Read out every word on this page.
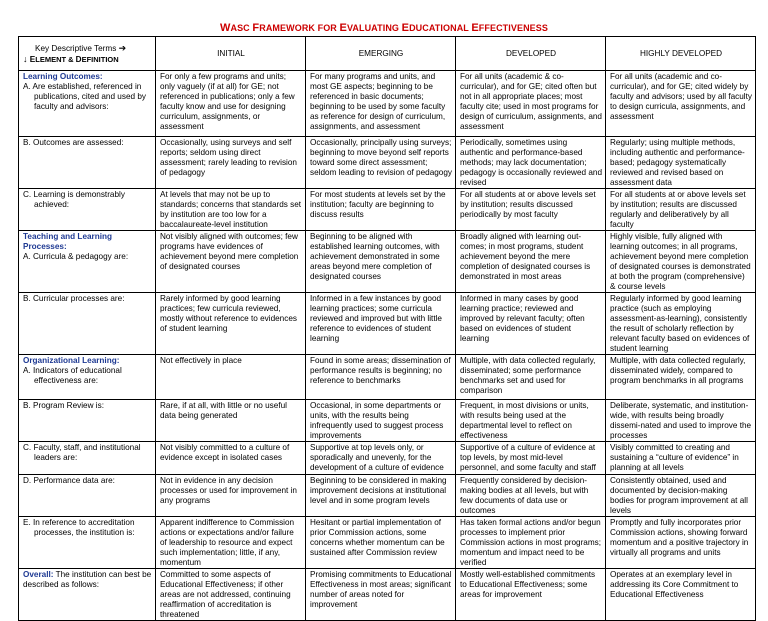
WASC FRAMEWORK FOR EVALUATING EDUCATIONAL EFFECTIVENESS
Key Descriptive Terms ➔
↓ ELEMENT & DEFINITION	INITIAL	EMERGING	DEVELOPED	HIGHLY DEVELOPED

Learning Outcomes:
A. Are established, referenced in publications, cited and used by faculty and advisors:	For only a few programs and units; only vaguely (if at all) for GE; not referenced in publications; only a few faculty know and use for designing curriculum, assignments, or assessment	For many programs and units, and most GE aspects; beginning to be referenced in basic documents; beginning to be used by some faculty as reference for design of curriculum, assignments, and assessment	For all units (academic & co-curricular), and for GE; cited often but not in all appropriate places; most faculty cite; used in most programs for design of curriculum, assignments, and assessment	For all units (academic and co-curricular), and for GE; cited widely by faculty and advisors; used by all faculty to design curricula, assignments, and assessment

B. Outcomes are assessed:	Occasionally, using surveys and self reports; seldom using direct assessment; rarely leading to revision of pedagogy	Occasionally, principally using surveys; beginning to move beyond self reports toward some direct assessment; seldom leading to revision of pedagogy	Periodically, sometimes using authentic and performance-based methods; may lack documentation; pedagogy is occasionally reviewed and revised	Regularly; using multiple methods, including authentic and performance-based; pedagogy systematically reviewed and revised based on assessment data

C. Learning is demonstrably achieved:	At levels that may not be up to standards; concerns that standards set by institution are too low for a baccalaureate-level institution	For most students at levels set by the institution; faculty are beginning to discuss results	For all students at or above levels set by institution; results discussed periodically by most faculty	For all students at or above levels set by institution; results are discussed regularly and deliberatively by all faculty

Teaching and Learning Processes:
A. Curricula & pedagogy are:	Not visibly aligned with outcomes; few programs have evidences of achievement beyond mere completion of designated courses	Beginning to be aligned with established learning outcomes, with achievement demonstrated in some areas beyond mere completion of designated courses	Broadly aligned with learning out-comes; in most programs, student achievement beyond the mere completion of designated courses is demonstrated in most areas	Highly visible, fully aligned with learning outcomes; in all programs, achievement beyond mere completion of designated courses is demonstrated at both the program (comprehensive) & course levels

B. Curricular processes are:	Rarely informed by good learning practices; few curricula reviewed, mostly without reference to evidences of student learning	Informed in a few instances by good learning practices; some curricula reviewed and improved but with little reference to evidences of student learning	Informed in many cases by good learning practice; reviewed and improved by relevant faculty; often based on evidences of student learning	Regularly informed by good learning practice (such as employing assessment-as-learning), consistently the result of scholarly reflection by relevant faculty based on evidences of student learning

Organizational Learning:
A. Indicators of educational effectiveness are:	Not effectively in place	Found in some areas; dissemination of performance results is beginning; no reference to benchmarks	Multiple, with data collected regularly, disseminated; some performance benchmarks set and used for comparison	Multiple, with data collected regularly, disseminated widely, compared to program benchmarks in all programs

B. Program Review is:	Rare, if at all, with little or no useful data being generated	Occasional, in some departments or units, with the results being infrequently used to suggest process improvements	Frequent, in most divisions or units, with results being used at the departmental level to reflect on effectiveness	Deliberate, systematic, and institution-wide, with results being broadly dissemi-nated and used to improve the processes

C. Faculty, staff, and institutional leaders are:	Not visibly committed to a culture of evidence except in isolated cases	Supportive at top levels only, or sporadically and unevenly, for the development of a culture of evidence	Supportive of a culture of evidence at top levels, by most mid-level personnel, and some faculty and staff	Visibly committed to creating and sustaining a “culture of evidence” in planning at all levels

D. Performance data are:	Not in evidence in any decision processes or used for improvement in any programs	Beginning to be considered in making improvement decisions at institutional level and in some program levels	Frequently considered by decision-making bodies at all levels, but with few documents of data use or outcomes	Consistently obtained, used and documented by decision-making bodies for program improvement at all levels

E. In reference to accreditation processes, the institution is:	Apparent indifference to Commission actions or expectations and/or failure of leadership to resource and expect such implementation; little, if any, momentum	Hesitant or partial implementation of prior Commission actions, some concerns whether momentum can be sustained after Commission review	Has taken formal actions and/or begun processes to implement prior Commission actions in most programs; momentum and impact need to be verified	Promptly and fully incorporates prior Commission actions, showing forward momentum and a positive trajectory in virtually all programs and units
Overall: The institution can best be described as follows:	Committed to some aspects of Educational Effectiveness; if other areas are not addressed, continuing reaffirmation of accreditation is threatened	Promising commitments to Educational Effectiveness in most areas; significant number of areas noted for improvement	Mostly well-established commitments to Educational Effectiveness; some areas for improvement	Operates at an exemplary level in addressing its Core Commitment to Educational Effectiveness
